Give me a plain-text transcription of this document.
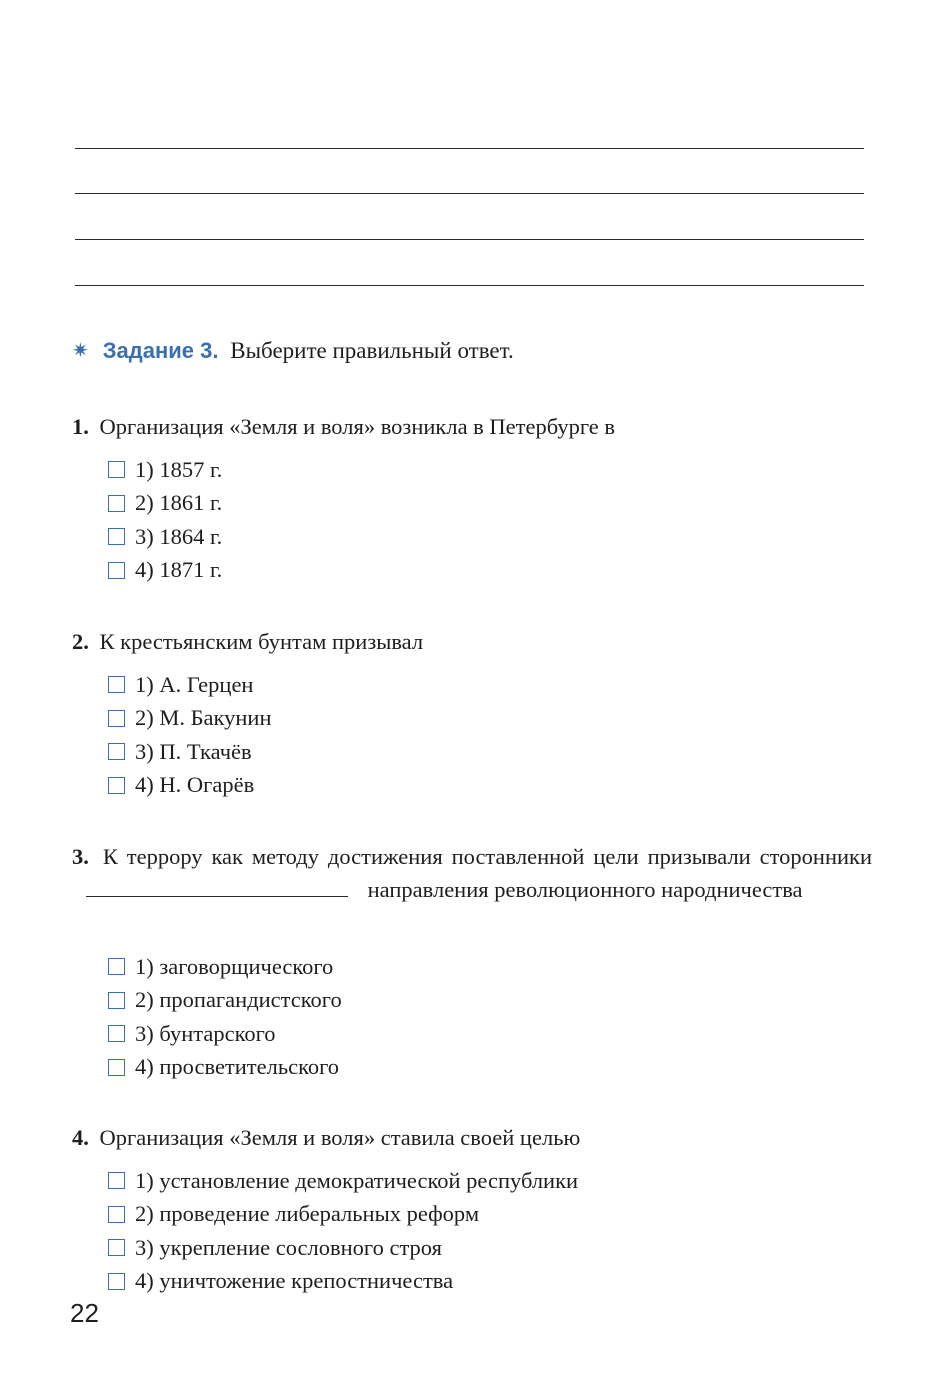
✷ Задание 3. Выберите правильный ответ.
1. Организация «Земля и воля» возникла в Петербурге в
1) 1857 г.
2) 1861 г.
3) 1864 г.
4) 1871 г.
2. К крестьянским бунтам призывал
1) А. Герцен
2) М. Бакунин
3) П. Ткачёв
4) Н. Огарёв
3. К террору как методу достижения поставленной цели призывали сторонники  направления революционного народничества
1) заговорщического
2) пропагандистского
3) бунтарского
4) просветительского
4. Организация «Земля и воля» ставила своей целью
1) установление демократической республики
2) проведение либеральных реформ
3) укрепление сословного строя
4) уничтожение крепостничества
22
